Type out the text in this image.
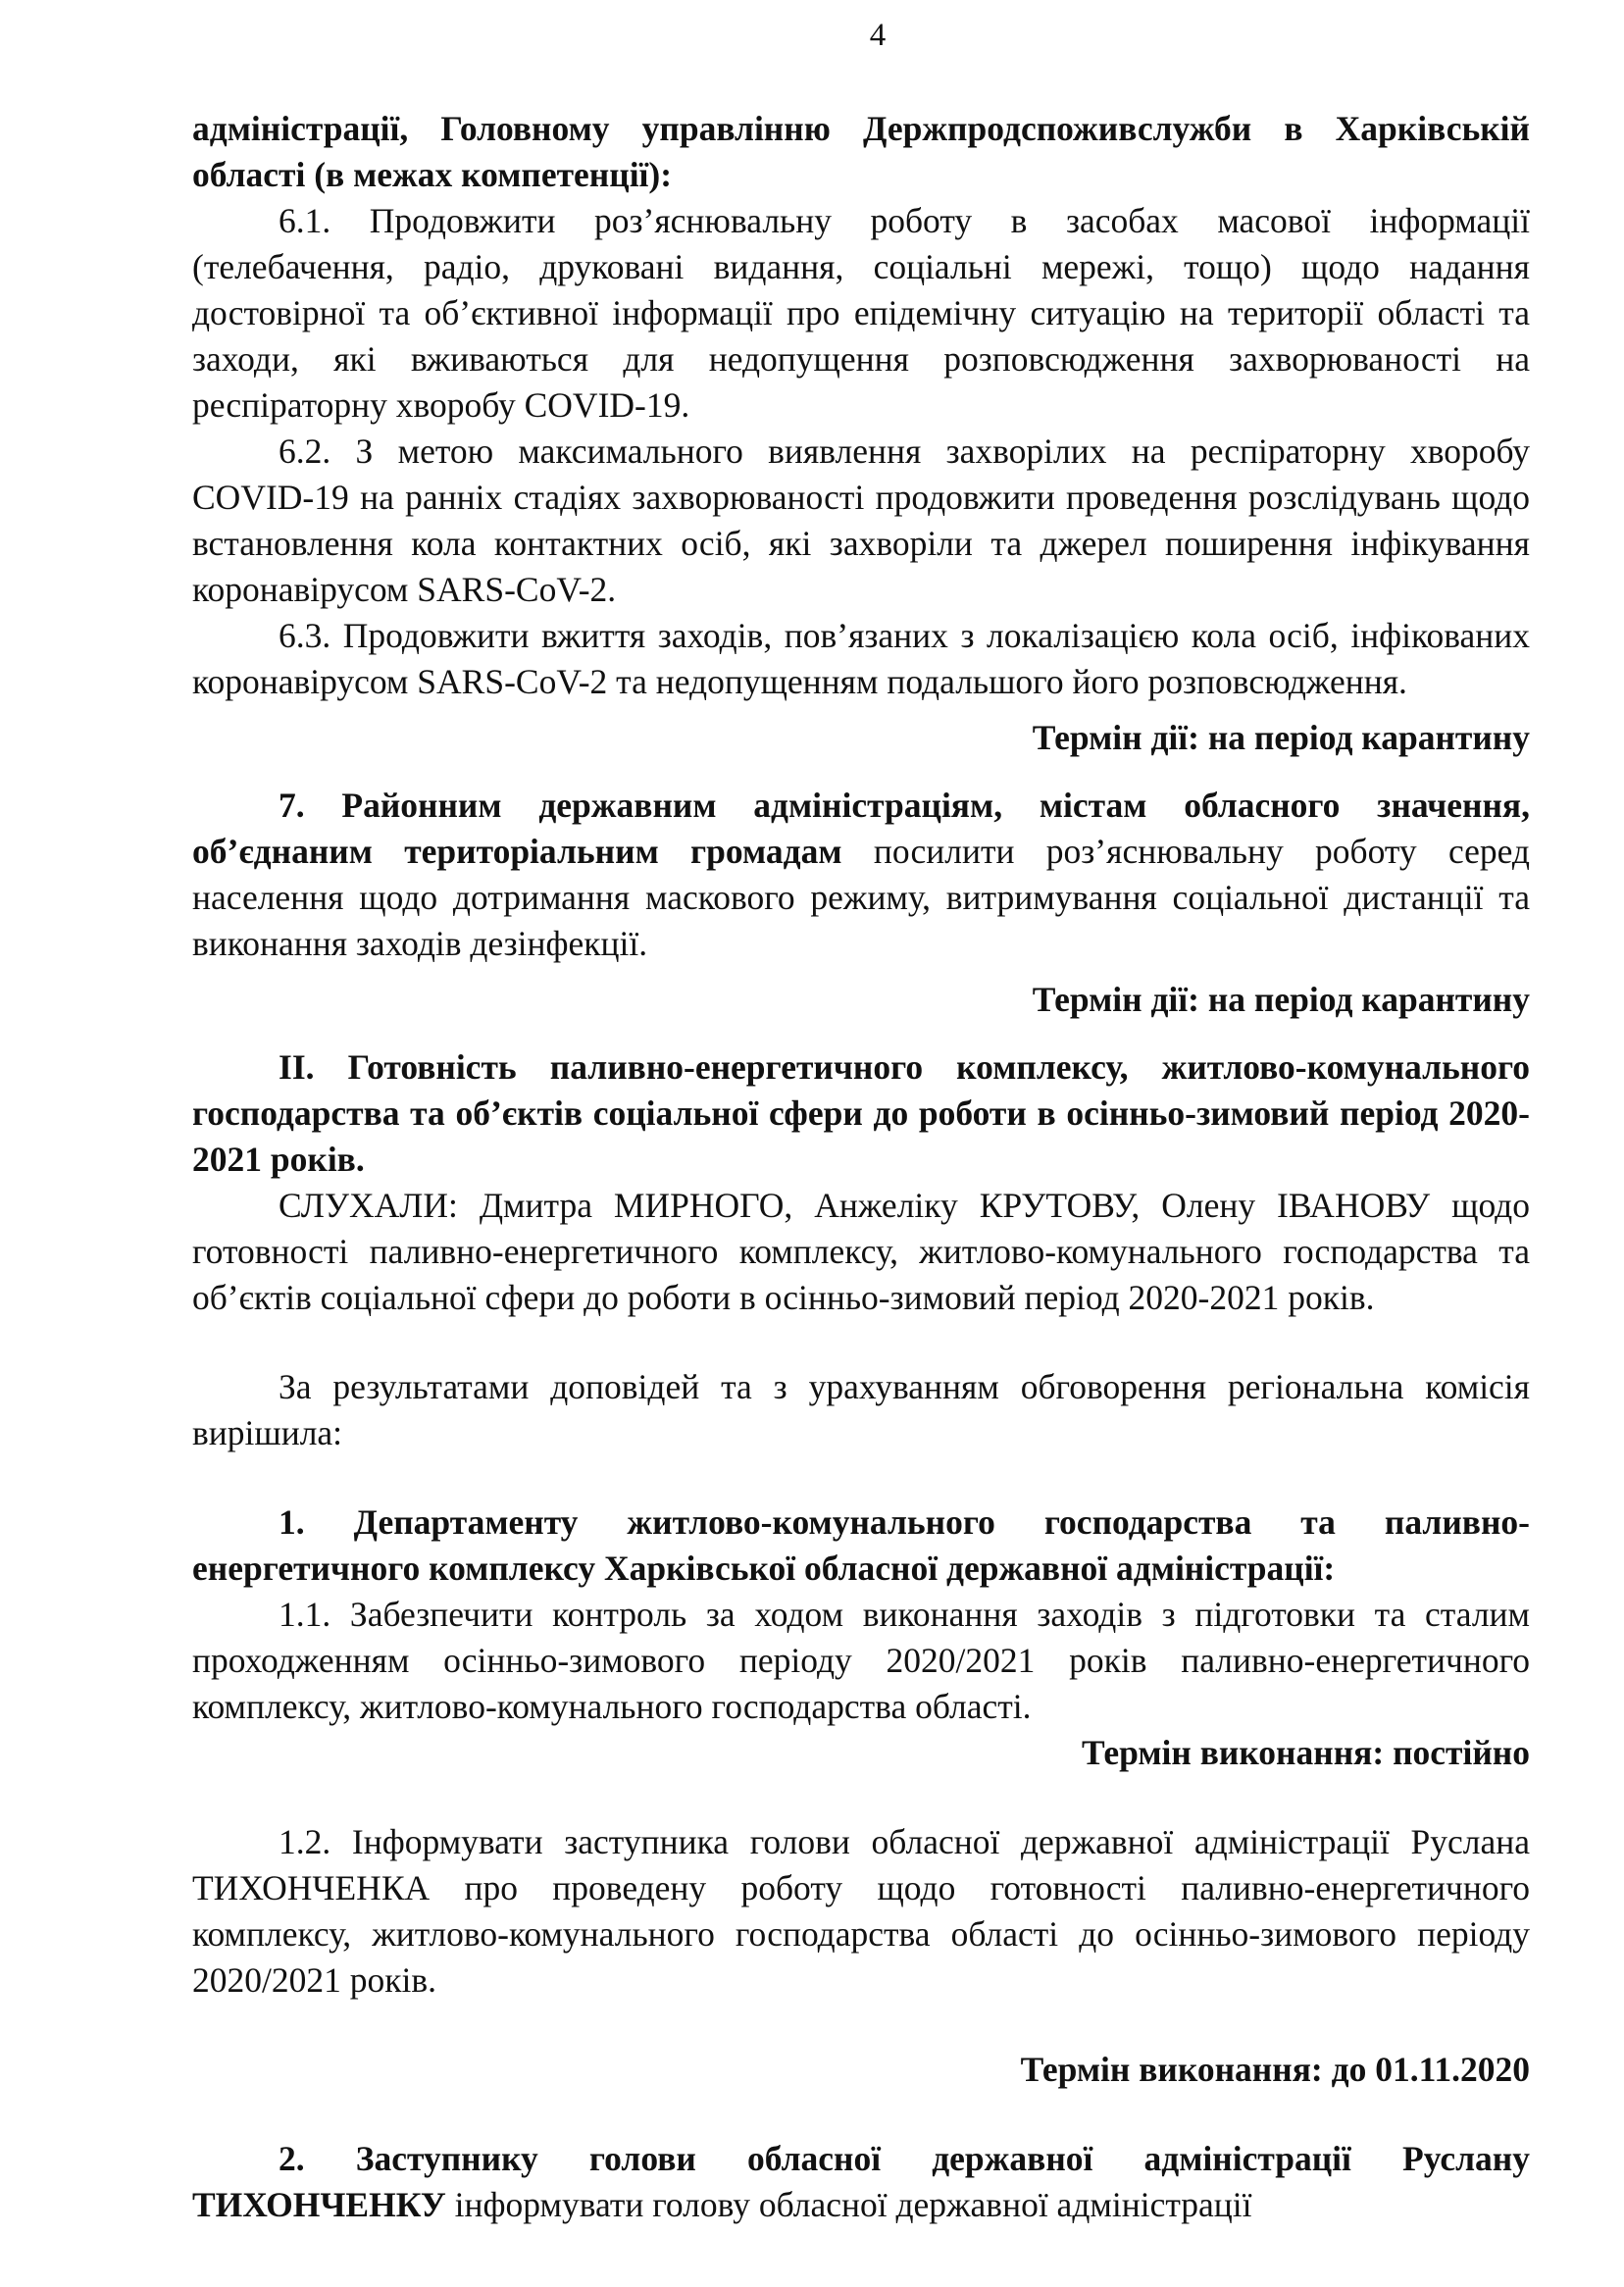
4

адміністрації, Головному управлінню Держпродспоживслужби в Харківській області (в межах компетенції):

6.1. Продовжити роз’яснювальну роботу в засобах масової інформації (телебачення, радіо, друковані видання, соціальні мережі, тощо) щодо надання достовірної та об’єктивної інформації про епідемічну ситуацію на території області та заходи, які вживаються для недопущення розповсюдження захворюваності на респіраторну хворобу COVID-19.

6.2. З метою максимального виявлення захворілих на респіраторну хворобу COVID-19 на ранніх стадіях захворюваності продовжити проведення розслідувань щодо встановлення кола контактних осіб, які захворіли та джерел поширення інфікування коронавірусом SARS-CoV-2.

6.3. Продовжити вжиття заходів, пов’язаних з локалізацією кола осіб, інфікованих коронавірусом SARS-CoV-2 та недопущенням подальшого його розповсюдження.

Термін дії: на період карантину

7. Районним державним адміністраціям, містам обласного значення, об’єднаним територіальним громадам посилити роз’яснювальну роботу серед населення щодо дотримання маскового режиму, витримування соціальної дистанції та виконання заходів дезінфекції.

Термін дії: на період карантину

ІІ. Готовність паливно-енергетичного комплексу, житлово-комунального господарства та об’єктів соціальної сфери до роботи в осінньо-зимовий період 2020-2021 років.

СЛУХАЛИ: Дмитра МИРНОГО, Анжеліку КРУТОВУ, Олену ІВАНОВУ щодо готовності паливно-енергетичного комплексу, житлово-комунального господарства та об’єктів соціальної сфери до роботи в осінньо-зимовий період 2020-2021 років.

За результатами доповідей та з урахуванням обговорення регіональна комісія вирішила:

1. Департаменту житлово-комунального господарства та паливно-енергетичного комплексу Харківської обласної державної адміністрації:

1.1. Забезпечити контроль за ходом виконання заходів з підготовки та сталим проходженням осінньо-зимового періоду 2020/2021 років паливно-енергетичного комплексу, житлово-комунального господарства області.

Термін виконання: постійно

1.2. Інформувати заступника голови обласної державної адміністрації Руслана ТИХОНЧЕНКА про проведену роботу щодо готовності паливно-енергетичного комплексу, житлово-комунального господарства області до осінньо-зимового періоду 2020/2021 років.

Термін виконання: до 01.11.2020

2. Заступнику голови обласної державної адміністрації Руслану ТИХОНЧЕНКУ інформувати голову обласної державної адміністрації
